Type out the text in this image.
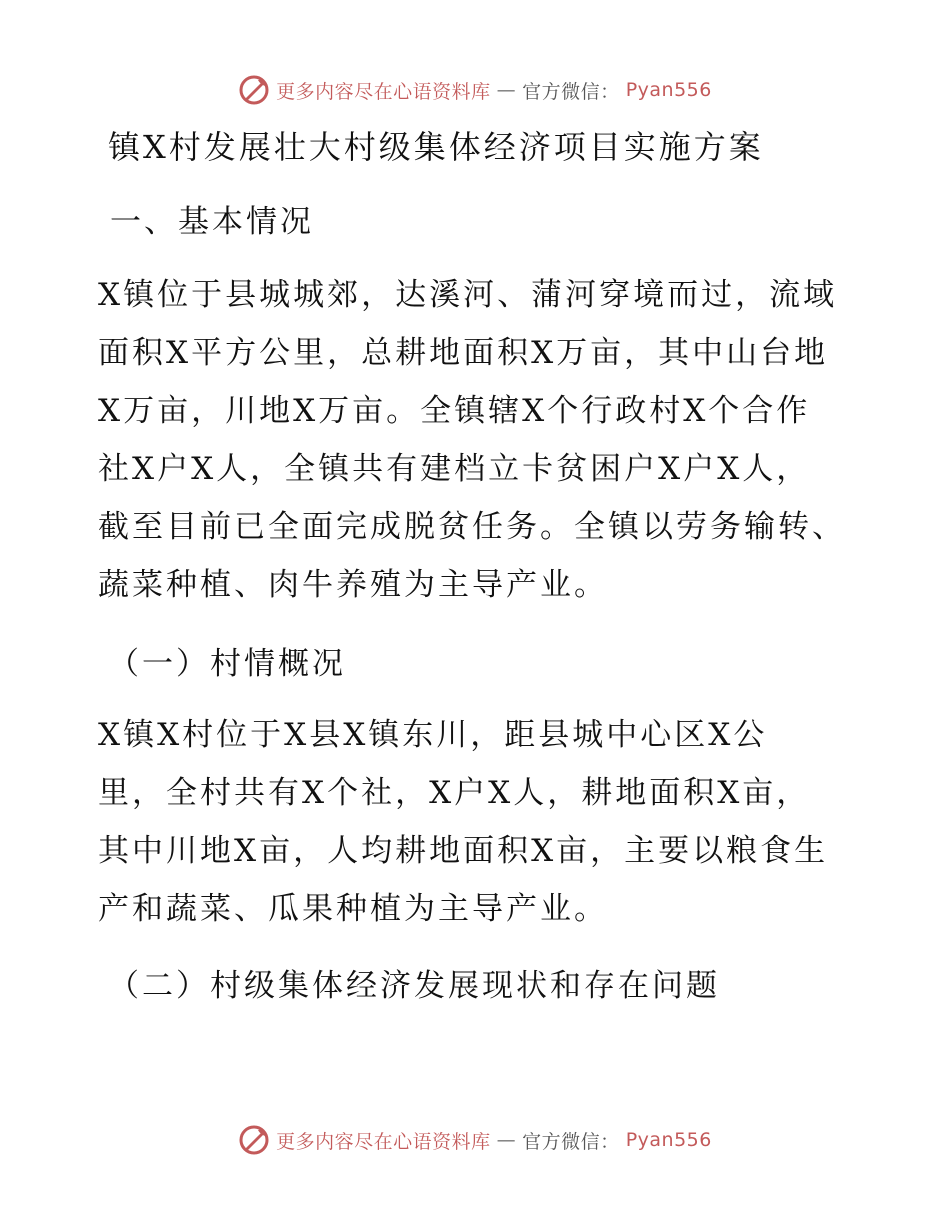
更多内容尽在心语资料库 — 官方微信： Pyan556
镇X村发展壮大村级集体经济项目实施方案
一、基本情况
X镇位于县城城郊，达溪河、蒲河穿境而过，流域
面积X平方公里，总耕地面积X万亩，其中山台地
X万亩，川地X万亩。全镇辖X个行政村X个合作
社X户X人，全镇共有建档立卡贫困户X户X人，
截至目前已全面完成脱贫任务。全镇以劳务输转、
蔬菜种植、肉牛养殖为主导产业。
（一）村情概况
X镇X村位于X县X镇东川，距县城中心区X公
里，全村共有X个社，X户X人，耕地面积X亩，
其中川地X亩，人均耕地面积X亩，主要以粮食生
产和蔬菜、瓜果种植为主导产业。
（二）村级集体经济发展现状和存在问题
更多内容尽在心语资料库 — 官方微信： Pyan556
